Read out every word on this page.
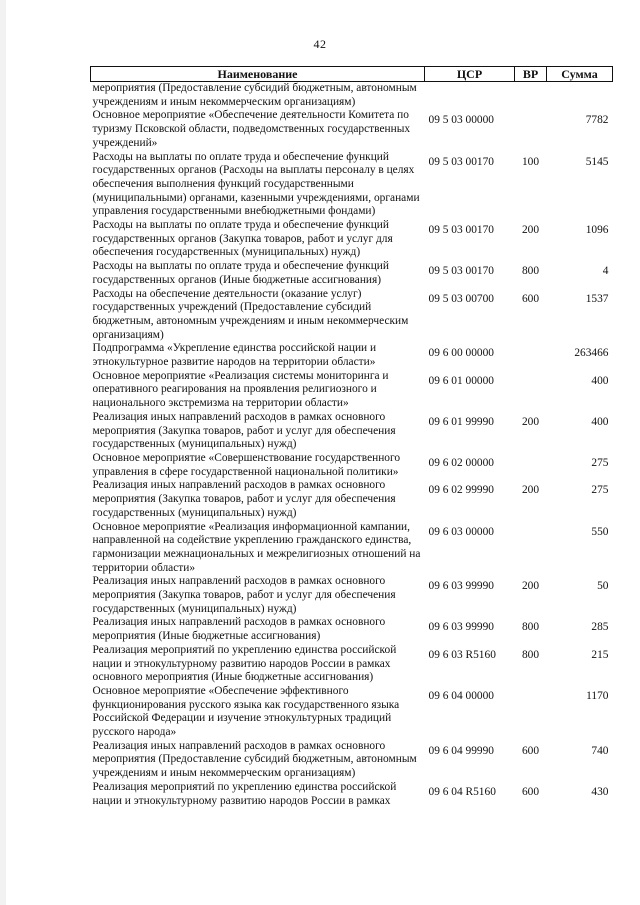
42
Наименование	ЦСР	ВР	Сумма
мероприятия (Предоставление субсидий бюджетным, автономным учреждениям и иным некоммерческим организациям)			
Основное мероприятие «Обеспечение деятельности Комитета по туризму Псковской области, подведомственных государственных учреждений»	09 5 03 00000		7782
Расходы на выплаты по оплате труда и обеспечение функций государственных органов (Расходы на выплаты персоналу в целях обеспечения выполнения функций государственными (муниципальными) органами, казенными учреждениями, органами управления государственными внебюджетными фондами)	09 5 03 00170	100	5145
Расходы на выплаты по оплате труда и обеспечение функций государственных органов (Закупка товаров, работ и услуг для обеспечения государственных (муниципальных) нужд)	09 5 03 00170	200	1096
Расходы на выплаты по оплате труда и обеспечение функций государственных органов (Иные бюджетные ассигнования)	09 5 03 00170	800	4
Расходы на обеспечение деятельности (оказание услуг) государственных учреждений (Предоставление субсидий бюджетным, автономным учреждениям и иным некоммерческим организациям)	09 5 03 00700	600	1537
Подпрограмма «Укрепление единства российской нации и этнокультурное развитие народов на территории области»	09 6 00 00000		263466
Основное мероприятие «Реализация системы мониторинга и оперативного реагирования на проявления религиозного и национального экстремизма на территории области»	09 6 01 00000		400
Реализация иных направлений расходов в рамках основного мероприятия (Закупка товаров, работ и услуг для обеспечения государственных (муниципальных) нужд)	09 6 01 99990	200	400
Основное мероприятие «Совершенствование государственного управления в сфере государственной национальной политики»	09 6 02 00000		275
Реализация иных направлений расходов в рамках основного мероприятия (Закупка товаров, работ и услуг для обеспечения государственных (муниципальных) нужд)	09 6 02 99990	200	275
Основное мероприятие «Реализация информационной кампании, направленной на содействие укреплению гражданского единства, гармонизации межнациональных и межрелигиозных отношений на территории области»	09 6 03 00000		550
Реализация иных направлений расходов в рамках основного мероприятия (Закупка товаров, работ и услуг для обеспечения государственных (муниципальных) нужд)	09 6 03 99990	200	50
Реализация иных направлений расходов в рамках основного мероприятия (Иные бюджетные ассигнования)	09 6 03 99990	800	285
Реализация мероприятий по укреплению единства российской нации и этнокультурному развитию народов России в рамках основного мероприятия (Иные бюджетные ассигнования)	09 6 03 R5160	800	215
Основное мероприятие «Обеспечение эффективного функционирования русского языка как государственного языка Российской Федерации и изучение этнокультурных традиций русского народа»	09 6 04 00000		1170
Реализация иных направлений расходов в рамках основного мероприятия (Предоставление субсидий бюджетным, автономным учреждениям и иным некоммерческим организациям)	09 6 04 99990	600	740
Реализация мероприятий по укреплению единства российской нации и этнокультурному развитию народов России в рамках	09 6 04 R5160	600	430
